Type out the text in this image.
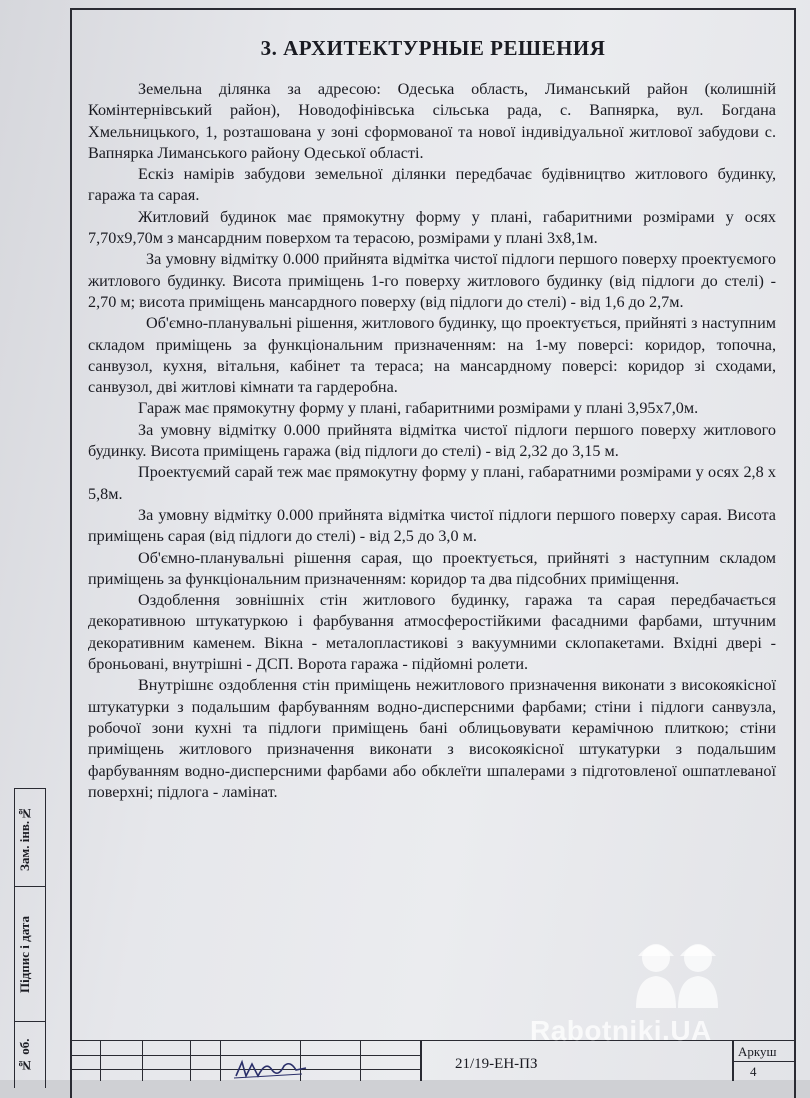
3. АРХИТЕКТУРНЫЕ РЕШЕНИЯ

Земельна ділянка за адресою: Одеська область, Лиманський район (колишній Комінтернівський район), Новодофінівська сільська рада, с. Вапнярка, вул. Богдана Хмельницького, 1, розташована у зоні сформованої та нової індивідуальної житлової забудови с. Вапнярка Лиманського району Одеської області.

Ескіз намірів забудови земельної ділянки передбачає будівництво житлового будинку, гаража та сарая.

Житловий будинок має прямокутну форму у плані, габаритними розмірами у осях 7,70х9,70м з мансардним поверхом та терасою, розмірами у плані 3х8,1м.

За умовну відмітку 0.000 прийнята відмітка чистої підлоги першого поверху проектуємого житлового будинку. Висота приміщень 1-го поверху житлового будинку (від підлоги до стелі) - 2,70 м; висота приміщень мансардного поверху (від підлоги до стелі) - від 1,6 до 2,7м.

Об'ємно-планувальні рішення, житлового будинку, що проектується, прийняті з наступним складом приміщень за функціональним призначенням: на 1-му поверсі: коридор, топочна, санвузол, кухня, вітальня, кабінет та тераса; на мансардному поверсі: коридор зі сходами, санвузол, дві житлові кімнати та гардеробна.

Гараж має прямокутну форму у плані, габаритними розмірами у плані 3,95х7,0м.

За умовну відмітку 0.000 прийнята відмітка чистої підлоги першого поверху житлового будинку. Висота приміщень гаража (від підлоги до стелі) - від 2,32 до 3,15 м.

Проектуємий сарай теж має прямокутну форму у плані, габаратними розмірами у осях 2,8 х 5,8м.

За умовну відмітку 0.000 прийнята відмітка чистої підлоги першого поверху сарая. Висота приміщень сарая (від підлоги до стелі) - від 2,5 до 3,0 м.

Об'ємно-планувальні рішення сарая, що проектується, прийняті з наступним складом приміщень за функціональним призначенням: коридор та два підсобних приміщення.

Оздоблення зовнішніх стін житлового будинку, гаража та сарая передбачається декоративною штукатуркою і фарбування атмосферостійкими фасадними фарбами, штучним декоративним каменем. Вікна - металопластикові з вакуумними склопакетами. Вхідні двері - броньовані, внутрішні - ДСП. Ворота гаража - підйомні ролети.

Внутрішнє оздоблення стін приміщень нежитлового призначення виконати з високоякісної штукатурки з подальшим фарбуванням водно-дисперсними фарбами; стіни і підлоги санвузла, робочої зони кухні та підлоги приміщень бані облицьовувати керамічною плиткою; стіни приміщень житлового призначення виконати з високоякісної штукатурки з подальшим фарбуванням водно-дисперсними фарбами або обклеїти шпалерами з підготовленої ошпатлеваної поверхні; підлога - ламінат.

Зам. інв.№
Підпис і дата
№ об.	21/19-ЕН-ПЗ
Аркуш
4
Rabotniki.UA
